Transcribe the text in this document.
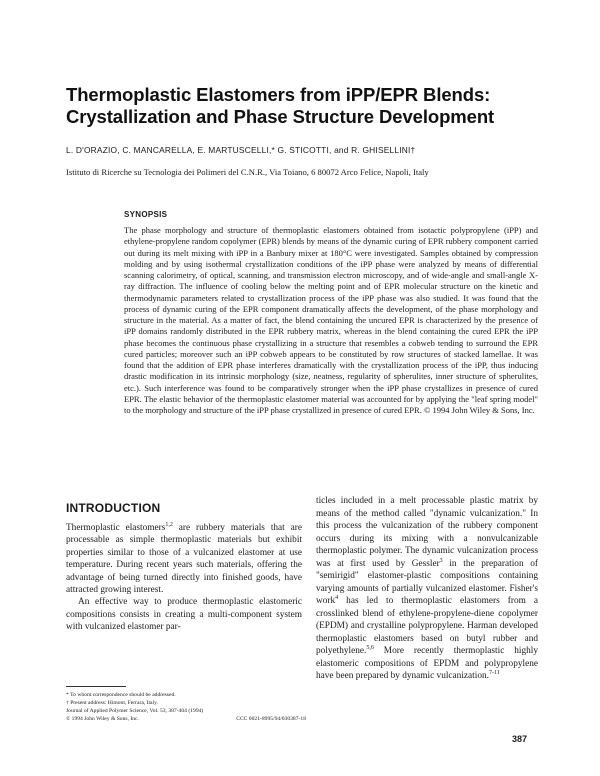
Thermoplastic Elastomers from iPP/EPR Blends:
Crystallization and Phase Structure Development
L. D'ORAZIO, C. MANCARELLA, E. MARTUSCELLI,* G. STICOTTI, and R. GHISELLINI†
Istituto di Ricerche su Tecnologia dei Polimeri del C.N.R., Via Toiano, 6 80072 Arco Felice, Napoli, Italy
SYNOPSIS

The phase morphology and structure of thermoplastic elastomers obtained from isotactic polypropylene (iPP) and ethylene-propylene random copolymer (EPR) blends by means of the dynamic curing of EPR rubbery component carried out during its melt mixing with iPP in a Banbury mixer at 180°C were investigated. Samples obtained by compression molding and by using isothermal crystallization conditions of the iPP phase were analyzed by means of differential scanning calorimetry, of optical, scanning, and transmission electron microscopy, and of wide-angle and small-angle X-ray diffraction. The influence of cooling below the melting point and of EPR molecular structure on the kinetic and thermodynamic parameters related to crystallization process of the iPP phase was also studied. It was found that the process of dynamic curing of the EPR component dramatically affects the development, of the phase morphology and structure in the material. As a matter of fact, the blend containing the uncured EPR is characterized by the presence of iPP domains randomly distributed in the EPR rubbery matrix, whereas in the blend containing the cured EPR the iPP phase becomes the continuous phase crystallizing in a structure that resembles a cobweb tending to surround the EPR cured particles; moreover such an iPP cobweb appears to be constituted by row structures of stacked lamellae. It was found that the addition of EPR phase interferes dramatically with the crystallization process of the iPP, thus inducing drastic modification in its intrinsic morphology (size, neatness, regularity of spherulites, inner structure of spherulites, etc.). Such interference was found to be comparatively stronger when the iPP phase crystallizes in presence of cured EPR. The elastic behavior of the thermoplastic elastomer material was accounted for by applying the "leaf spring model" to the morphology and structure of the iPP phase crystallized in presence of cured EPR. © 1994 John Wiley & Sons, Inc.

INTRODUCTION

Thermoplastic elastomers$^{1,2}$ are rubbery materials that are processable as simple thermoplastic materials but exhibit properties similar to those of a vulcanized elastomer at use temperature. During recent years such materials, offering the advantage of being turned directly into finished goods, have attracted growing interest.

An effective way to produce thermoplastic elastomeric compositions consists in creating a multi-component system with vulcanized elastomer par-

ticles included in a melt processable plastic matrix by means of the method called "dynamic vulcanization." In this process the vulcanization of the rubbery component occurs during its mixing with a nonvulcanizable thermoplastic polymer. The dynamic vulcanization process was at first used by Gessler$^3$ in the preparation of "semirigid" elastomer-plastic compositions containing varying amounts of partially vulcanized elastomer. Fisher's work$^4$ has led to thermoplastic elastomers from a crosslinked blend of ethylene-propylene-diene copolymer (EPDM) and crystalline polypropylene. Harman developed thermoplastic elastomers based on butyl rubber and polyethylene.$^{5,6}$ More recently thermoplastic highly elastomeric compositions of EPDM and polypropylene have been prepared by dynamic vulcanization.$^{7-11}$

* To whom correspondence should be addressed.
† Present address: Himont, Ferrara, Italy.
Journal of Applied Polymer Science, Vol. 53, 387-404 (1994)
© 1994 John Wiley & Sons, Inc.	CCC 0021-8995/94/030387-18
387
